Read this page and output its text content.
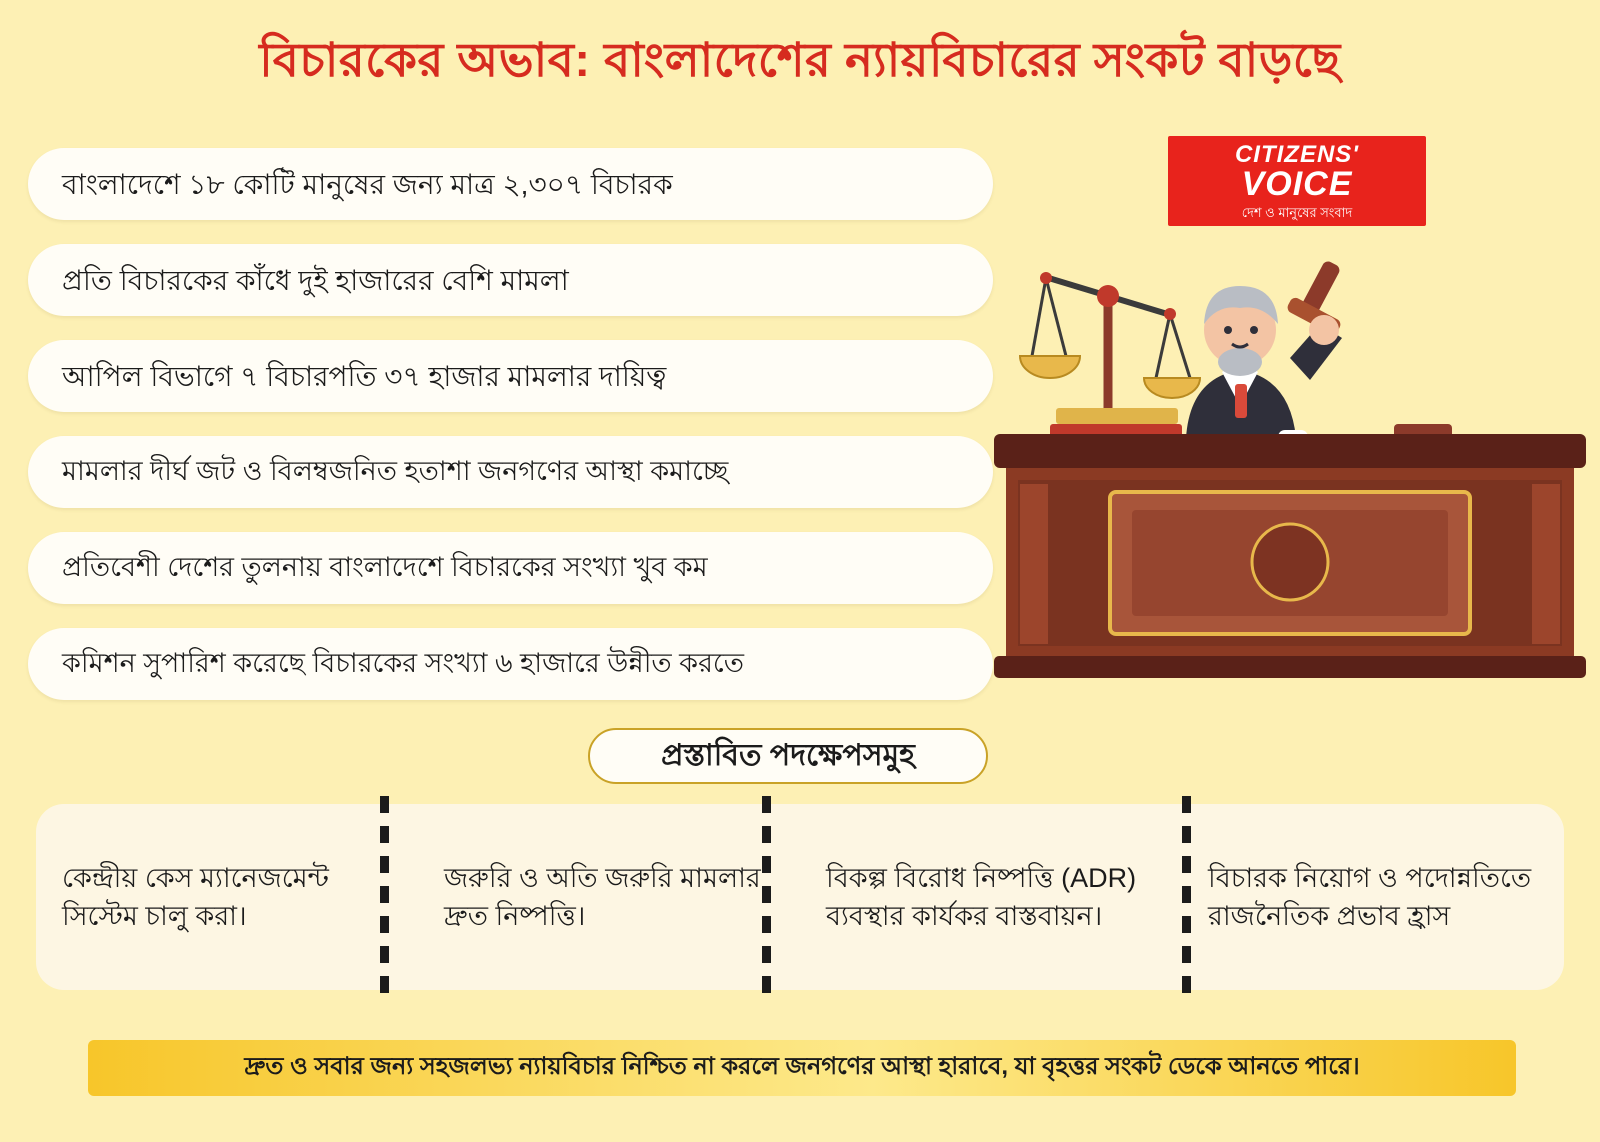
বিচারকের অভাব: বাংলাদেশের ন্যায়বিচারের সংকট বাড়ছে
বাংলাদেশে ১৮ কোটি মানুষের জন্য মাত্র ২,৩০৭ বিচারক
প্রতি বিচারকের কাঁধে দুই হাজারের বেশি মামলা
আপিল বিভাগে ৭ বিচারপতি ৩৭ হাজার মামলার দায়িত্ব
মামলার দীর্ঘ জট ও বিলম্বজনিত হতাশা জনগণের আস্থা কমাচ্ছে
প্রতিবেশী দেশের তুলনায় বাংলাদেশে বিচারকের সংখ্যা খুব কম
কমিশন সুপারিশ করেছে বিচারকের সংখ্যা ৬ হাজারে উন্নীত করতে
CITIZENS'
VOICE
দেশ ও মানুষের সংবাদ
প্রস্তাবিত পদক্ষেপসমুহ

কেন্দ্রীয় কেস ম্যানেজমেন্ট সিস্টেম চালু করা।

জরুরি ও অতি জরুরি মামলার দ্রুত নিষ্পত্তি।

বিকল্প বিরোধ নিষ্পত্তি (ADR) ব্যবস্থার কার্যকর বাস্তবায়ন।

বিচারক নিয়োগ ও পদোন্নতিতে রাজনৈতিক প্রভাব হ্রাস

দ্রুত ও সবার জন্য সহজলভ্য ন্যায়বিচার নিশ্চিত না করলে জনগণের আস্থা হারাবে, যা বৃহত্তর সংকট ডেকে আনতে পারে।
